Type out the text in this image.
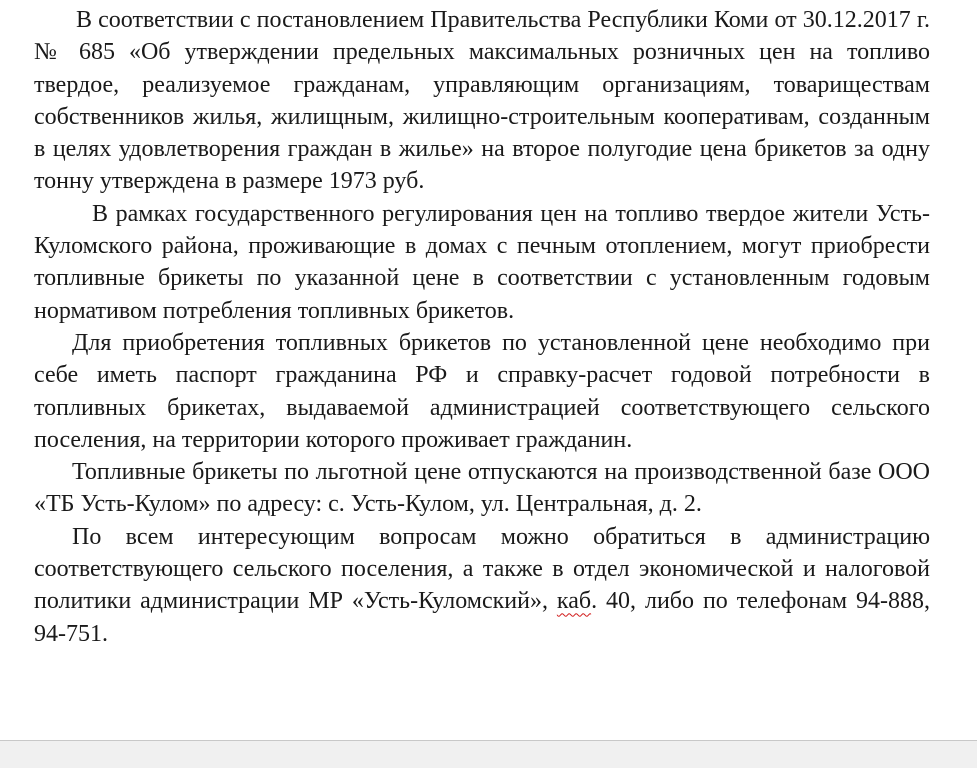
В соответствии с постановлением Правительства Республики Коми от 30.12.2017 г. № 685 «Об утверждении предельных максимальных розничных цен на топливо твердое, реализуемое гражданам, управляющим организациям, товариществам собственников жилья, жилищным, жилищно-строительным кооперативам, созданным в целях удовлетворения граждан в жилье» на второе полугодие цена брикетов за одну тонну утверждена в размере 1973 руб.

В рамках государственного регулирования цен на топливо твердое жители Усть-Куломского района, проживающие в домах с печным отоплением, могут приобрести топливные брикеты по указанной цене в соответствии с установленным годовым нормативом потребления топливных брикетов.

Для приобретения топливных брикетов по установленной цене необходимо при себе иметь паспорт гражданина РФ и справку-расчет годовой потребности в топливных брикетах, выдаваемой администрацией соответствующего сельского поселения, на территории которого проживает гражданин.

Топливные брикеты по льготной цене отпускаются на производственной базе ООО «ТБ Усть-Кулом» по адресу: с. Усть-Кулом, ул. Центральная, д. 2.

По всем интересующим вопросам можно обратиться в администрацию соответствующего сельского поселения, а также в отдел экономической и налоговой политики администрации МР «Усть-Куломский», каб. 40, либо по телефонам 94-888, 94-751.
